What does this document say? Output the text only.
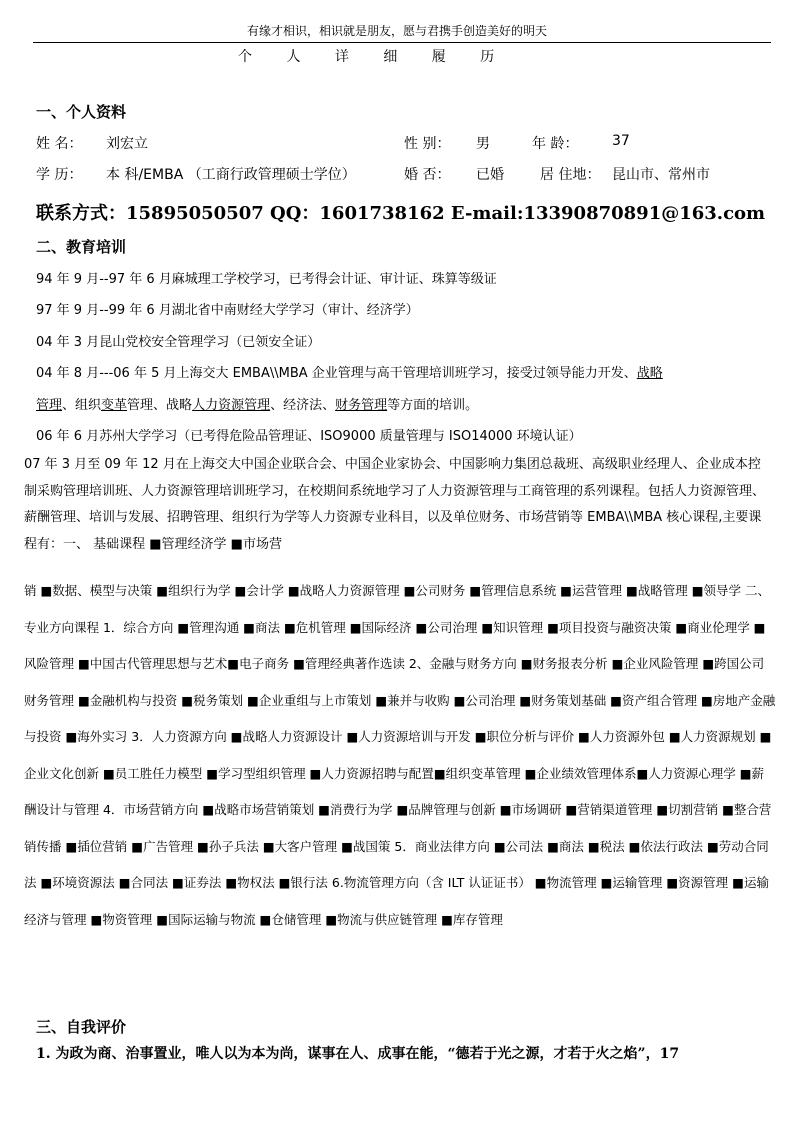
有缘才相识，相识就是朋友，愿与君携手创造美好的明天
个 人 详 细 履 历
一、个人资料
姓 名： 刘宏立	性 别： 男	年 龄： 37
学 历： 本 科/EMBA （工商行政管理硕士学位）	婚 否： 已婚	居 住地： 昆山市、常州市
联系方式：15895050507 QQ：1601738162 E-mail:13390870891@163.com
二、教育培训
94 年 9 月--97 年 6 月麻城理工学校学习，已考得会计证、审计证、珠算等级证
97 年 9 月--99 年 6 月湖北省中南财经大学学习（审计、经济学）
04 年 3 月昆山党校安全管理学习（已领安全证）
04 年 8 月---06 年 5 月上海交大 EMBA\\MBA 企业管理与高干管理培训班学习，接受过领导能力开发、战略
管理、组织变革管理、战略人力资源管理、经济法、财务管理等方面的培训。
06 年 6 月苏州大学学习（已考得危险品管理证、ISO9000 质量管理与 ISO14000 环境认证）
07 年 3 月至 09 年 12 月在上海交大中国企业联合会、中国企业家协会、中国影响力集团总裁班、高级职业经理人、企业成本控制采购管理培训班、人力资源管理培训班学习，在校期间系统地学习了人力资源管理与工商管理的系列课程。包括人力资源管理、薪酬管理、培训与发展、招聘管理、组织行为学等人力资源专业科目，以及单位财务、市场营销等 EMBA\\MBA 核心课程,主要课程有：一、 基础课程 ■管理经济学 ■市场营
销 ■数据、模型与决策 ■组织行为学 ■会计学 ■战略人力资源管理 ■公司财务 ■管理信息系统 ■运营管理 ■战略管理 ■领导学 二、专业方向课程 1．综合方向 ■管理沟通 ■商法 ■危机管理 ■国际经济 ■公司治理 ■知识管理 ■项目投资与融资决策 ■商业伦理学 ■风险管理 ■中国古代管理思想与艺术■电子商务 ■管理经典著作选读 2、金融与财务方向 ■财务报表分析 ■企业风险管理 ■跨国公司财务管理 ■金融机构与投资 ■税务策划 ■企业重组与上市策划 ■兼并与收购 ■公司治理 ■财务策划基础 ■资产组合管理 ■房地产金融与投资 ■海外实习 3．人力资源方向 ■战略人力资源设计 ■人力资源培训与开发 ■职位分析与评价 ■人力资源外包 ■人力资源规划 ■企业文化创新 ■员工胜任力模型 ■学习型组织管理 ■人力资源招聘与配置■组织变革管理 ■企业绩效管理体系■人力资源心理学 ■薪酬设计与管理 4．市场营销方向 ■战略市场营销策划 ■消费行为学 ■品牌管理与创新 ■市场调研 ■营销渠道管理 ■切割营销 ■整合营销传播 ■插位营销 ■广告管理 ■孙子兵法 ■大客户管理 ■战国策 5．商业法律方向 ■公司法 ■商法 ■税法 ■依法行政法 ■劳动合同法 ■环境资源法 ■合同法 ■证券法 ■物权法 ■银行法 6.物流管理方向（含 ILT 认证证书） ■物流管理 ■运输管理 ■资源管理 ■运输经济与管理 ■物资管理 ■国际运输与物流 ■仓储管理 ■物流与供应链管理 ■库存管理
三、自我评价
1. 为政为商、治事置业，唯人以为本为尚，谋事在人、成事在能，“德若于光之源，才若于火之焰”，17
